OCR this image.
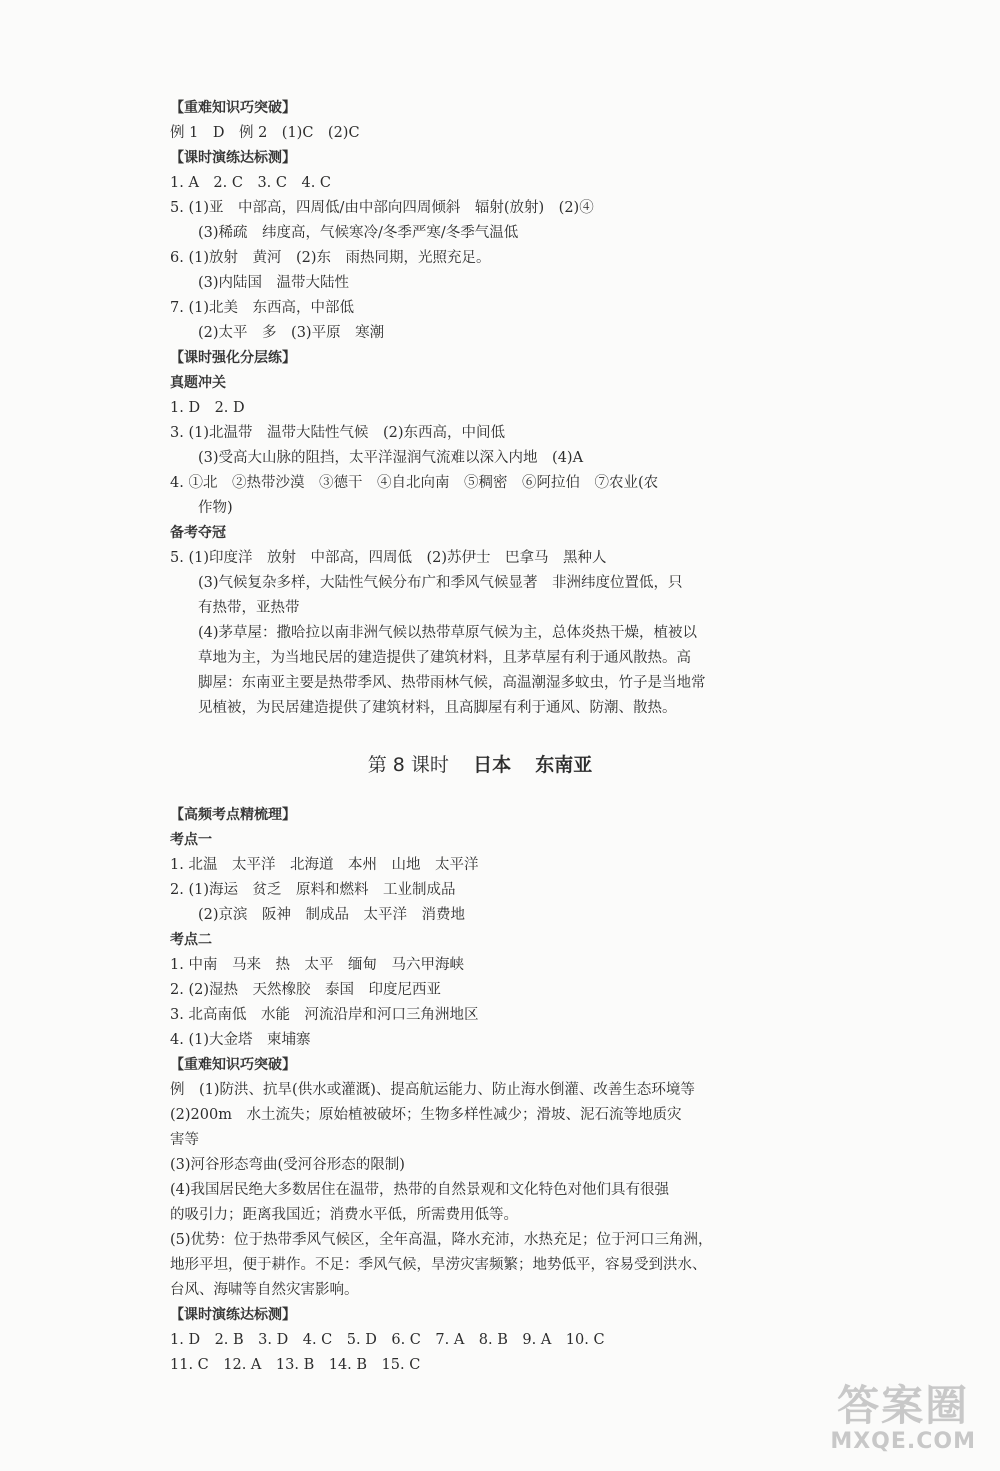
【重难知识巧突破】
例 1　D　例 2　(1)C　(2)C
【课时演练达标测】
1. A　2. C　3. C　4. C
5. (1)亚　中部高，四周低/由中部向四周倾斜　辐射(放射)　(2)④
(3)稀疏　纬度高，气候寒冷/冬季严寒/冬季气温低
6. (1)放射　黄河　(2)东　雨热同期，光照充足。
(3)内陆国　温带大陆性
7. (1)北美　东西高，中部低
(2)太平　多　(3)平原　寒潮
【课时强化分层练】
真题冲关
1. D　2. D
3. (1)北温带　温带大陆性气候　(2)东西高，中间低
(3)受高大山脉的阻挡，太平洋湿润气流难以深入内地　(4)A
4. ①北　②热带沙漠　③德干　④自北向南　⑤稠密　⑥阿拉伯　⑦农业(农
作物)
备考夺冠
5. (1)印度洋　放射　中部高，四周低　(2)苏伊士　巴拿马　黑种人
(3)气候复杂多样，大陆性气候分布广和季风气候显著　非洲纬度位置低，只
有热带，亚热带
(4)茅草屋：撒哈拉以南非洲气候以热带草原气候为主，总体炎热干燥，植被以
草地为主，为当地民居的建造提供了建筑材料，且茅草屋有利于通风散热。高
脚屋：东南亚主要是热带季风、热带雨林气候，高温潮湿多蚊虫，竹子是当地常
见植被，为民居建造提供了建筑材料，且高脚屋有利于通风、防潮、散热。
第 8 课时 日本 东南亚
【高频考点精梳理】
考点一
1. 北温　太平洋　北海道　本州　山地　太平洋
2. (1)海运　贫乏　原料和燃料　工业制成品
(2)京滨　阪神　制成品　太平洋　消费地
考点二
1. 中南　马来　热　太平　缅甸　马六甲海峡
2. (2)湿热　天然橡胶　泰国　印度尼西亚
3. 北高南低　水能　河流沿岸和河口三角洲地区
4. (1)大金塔　柬埔寨
【重难知识巧突破】
例　(1)防洪、抗旱(供水或灌溉)、提高航运能力、防止海水倒灌、改善生态环境等
(2)200m　水土流失；原始植被破坏；生物多样性减少；滑坡、泥石流等地质灾
害等
(3)河谷形态弯曲(受河谷形态的限制)
(4)我国居民绝大多数居住在温带，热带的自然景观和文化特色对他们具有很强
的吸引力；距离我国近；消费水平低，所需费用低等。
(5)优势：位于热带季风气候区，全年高温，降水充沛，水热充足；位于河口三角洲，
地形平坦，便于耕作。不足：季风气候，旱涝灾害频繁；地势低平，容易受到洪水、
台风、海啸等自然灾害影响。
【课时演练达标测】
1. D　2. B　3. D　4. C　5. D　6. C　7. A　8. B　9. A　10. C
11. C　12. A　13. B　14. B　15. C
答案圈
MXQE.COM
